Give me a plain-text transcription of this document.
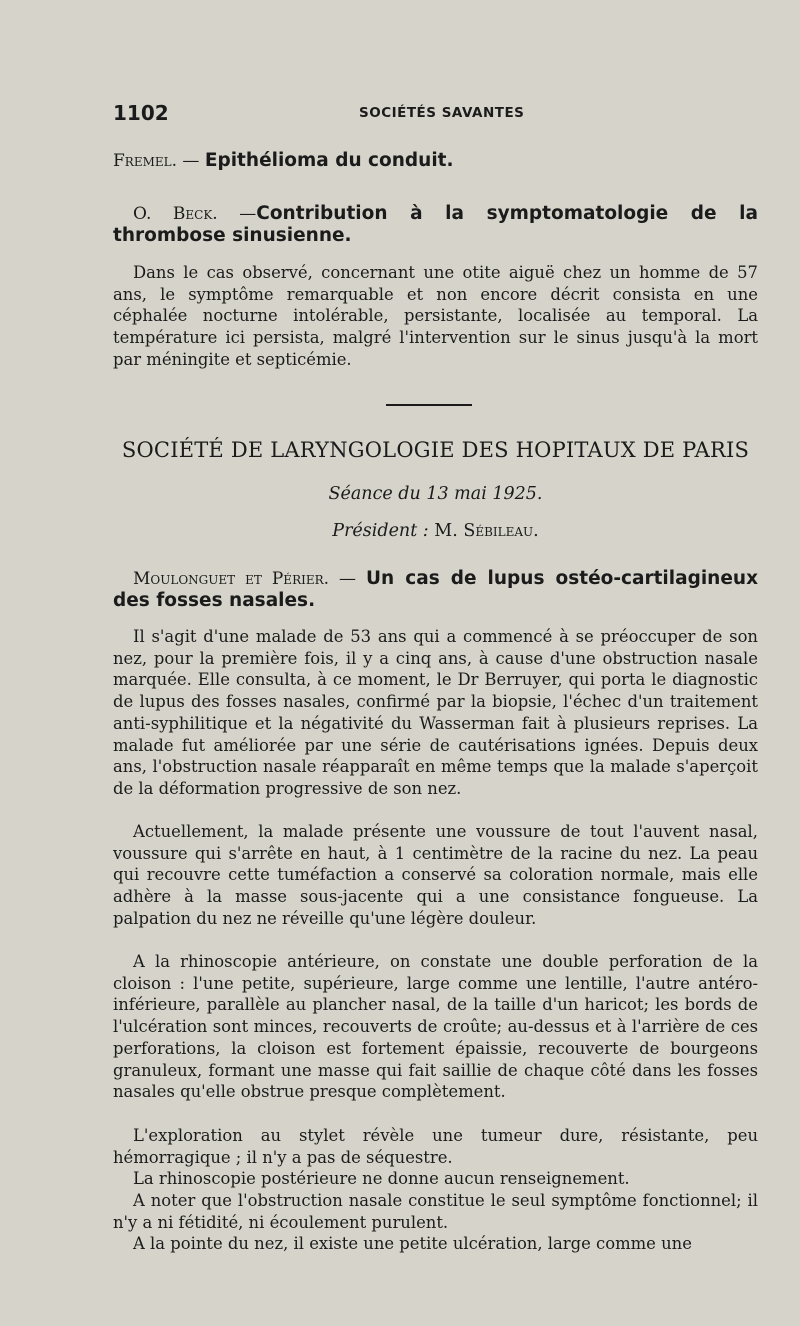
1102	SOCIÉTÉS SAVANTES
Fremel. — Epithélioma du conduit.
O. Beck. —Contribution à la symptomatologie de la thrombose sinusienne.

Dans le cas observé, concernant une otite aiguë chez un homme de 57 ans, le symptôme remarquable et non encore décrit consista en une céphalée nocturne intolérable, persistante, localisée au temporal. La température ici persista, malgré l'intervention sur le sinus jusqu'à la mort par méningite et septicémie.

SOCIÉTÉ DE LARYNGOLOGIE DES HOPITAUX DE PARIS
Séance du 13 mai 1925.
Président : M. Sébileau.
Moulonguet et Périer. — Un cas de lupus ostéo-cartilagineux des fosses nasales.

Il s'agit d'une malade de 53 ans qui a commencé à se préoccuper de son nez, pour la première fois, il y a cinq ans, à cause d'une obstruction nasale marquée. Elle consulta, à ce moment, le Dr Berruyer, qui porta le diagnostic de lupus des fosses nasales, confirmé par la biopsie, l'échec d'un traitement anti-syphilitique et la négativité du Wasserman fait à plusieurs reprises. La malade fut améliorée par une série de cautérisations ignées. Depuis deux ans, l'obstruction nasale réapparaît en même temps que la malade s'aperçoit de la déformation progressive de son nez.

Actuellement, la malade présente une voussure de tout l'auvent nasal, voussure qui s'arrête en haut, à 1 centimètre de la racine du nez. La peau qui recouvre cette tuméfaction a conservé sa coloration normale, mais elle adhère à la masse sous-jacente qui a une consistance fongueuse. La palpation du nez ne réveille qu'une légère douleur.

A la rhinoscopie antérieure, on constate une double perforation de la cloison : l'une petite, supérieure, large comme une lentille, l'autre antéro-inférieure, parallèle au plancher nasal, de la taille d'un haricot; les bords de l'ulcération sont minces, recouverts de croûte; au-dessus et à l'arrière de ces perforations, la cloison est fortement épaissie, recouverte de bourgeons granuleux, formant une masse qui fait saillie de chaque côté dans les fosses nasales qu'elle obstrue presque complètement.

L'exploration au stylet révèle une tumeur dure, résistante, peu hémorragique ; il n'y a pas de séquestre.

La rhinoscopie postérieure ne donne aucun renseignement.

A noter que l'obstruction nasale constitue le seul symptôme fonctionnel; il n'y a ni fétidité, ni écoulement purulent.

A la pointe du nez, il existe une petite ulcération, large comme une
